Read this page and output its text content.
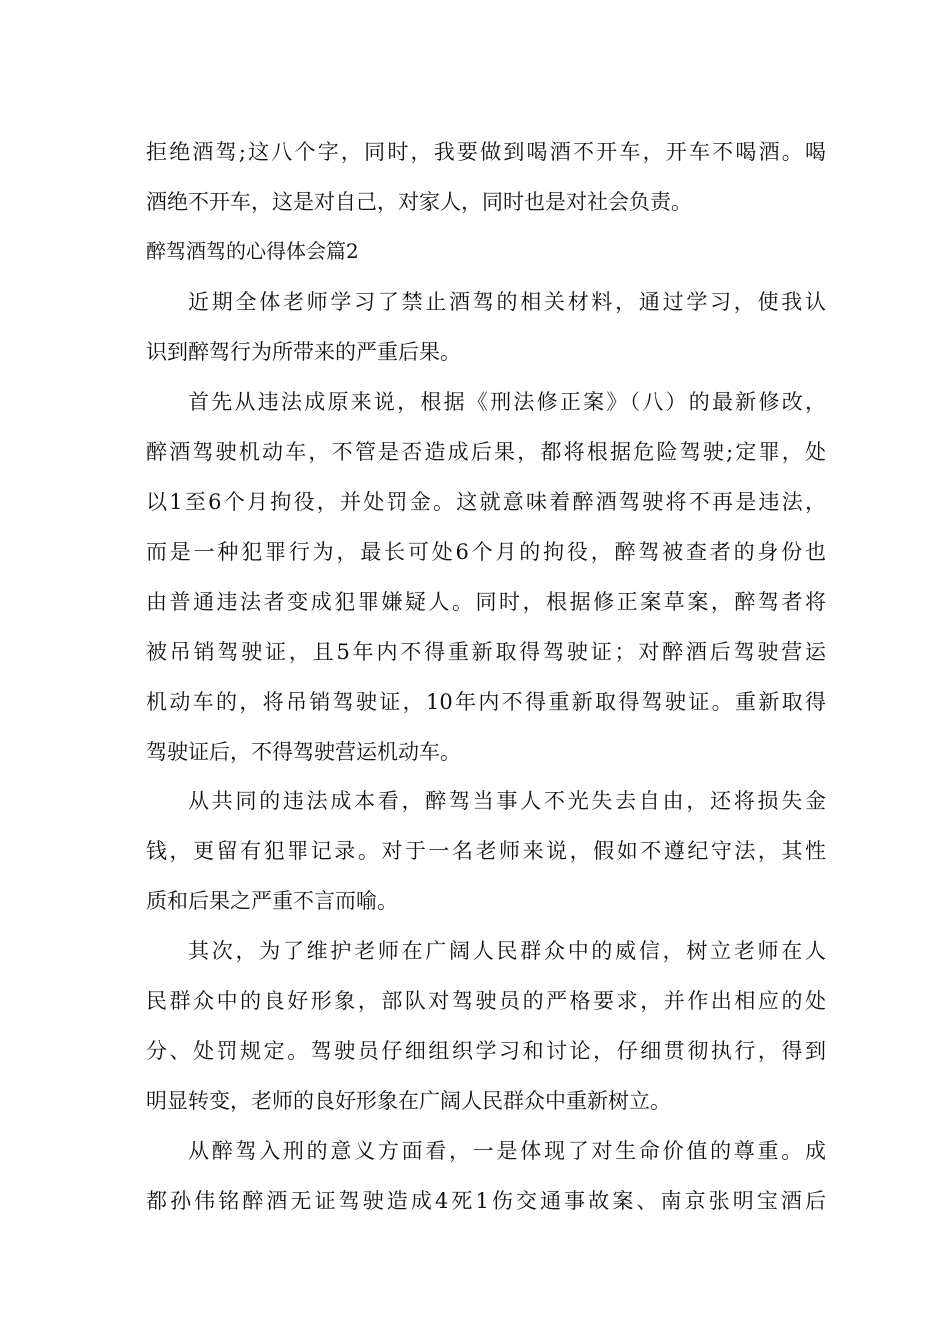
拒绝酒驾;这八个字，同时，我要做到喝酒不开车，开车不喝酒。喝
酒绝不开车，这是对自己，对家人，同时也是对社会负责。
醉驾酒驾的心得体会篇2
近期全体老师学习了禁止酒驾的相关材料，通过学习，使我认
识到醉驾行为所带来的严重后果。
首先从违法成原来说，根据《刑法修正案》（八）的最新修改，
醉酒驾驶机动车，不管是否造成后果，都将根据危险驾驶;定罪，处
以1至6个月拘役，并处罚金。这就意味着醉酒驾驶将不再是违法，
而是一种犯罪行为，最长可处6个月的拘役，醉驾被查者的身份也
由普通违法者变成犯罪嫌疑人。同时，根据修正案草案，醉驾者将
被吊销驾驶证，且5年内不得重新取得驾驶证；对醉酒后驾驶营运
机动车的，将吊销驾驶证，10年内不得重新取得驾驶证。重新取得
驾驶证后，不得驾驶营运机动车。
从共同的违法成本看，醉驾当事人不光失去自由，还将损失金
钱，更留有犯罪记录。对于一名老师来说，假如不遵纪守法，其性
质和后果之严重不言而喻。
其次，为了维护老师在广阔人民群众中的威信，树立老师在人
民群众中的良好形象，部队对驾驶员的严格要求，并作出相应的处
分、处罚规定。驾驶员仔细组织学习和讨论，仔细贯彻执行，得到
明显转变，老师的良好形象在广阔人民群众中重新树立。
从醉驾入刑的意义方面看，一是体现了对生命价值的尊重。成
都孙伟铭醉酒无证驾驶造成4死1伤交通事故案、南京张明宝酒后
